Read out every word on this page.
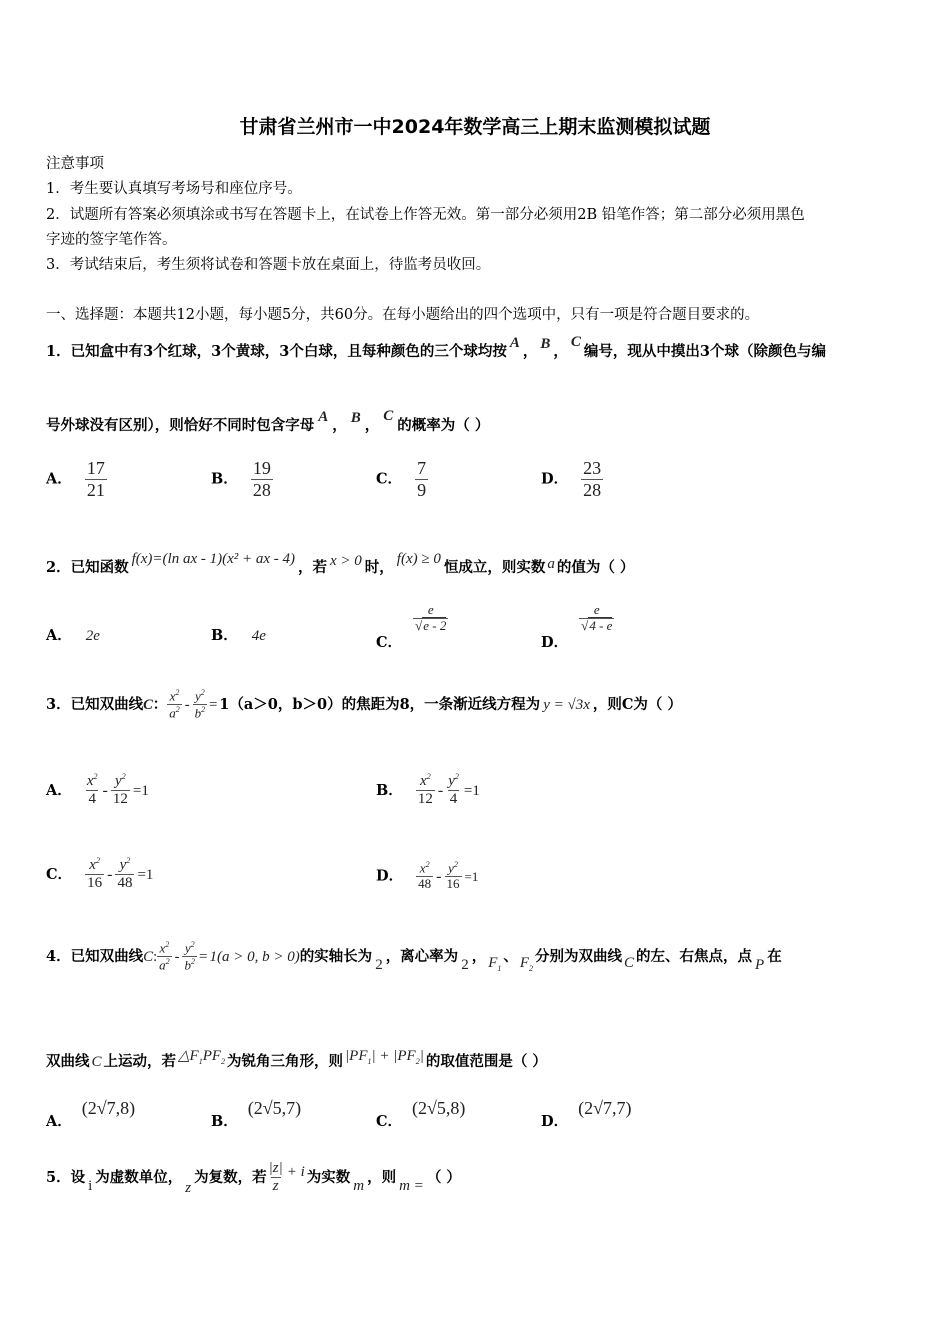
甘肃省兰州市一中2024年数学高三上期末监测模拟试题
注意事项
1．考生要认真填写考场号和座位序号。
2．试题所有答案必须填涂或书写在答题卡上，在试卷上作答无效。第一部分必须用2B 铅笔作答；第二部分必须用黑色
字迹的签字笔作答。
3．考试结束后，考生须将试卷和答题卡放在桌面上，待监考员收回。
一、选择题：本题共12小题，每小题5分，共60分。在每小题给出的四个选项中，只有一项是符合题目要求的。
1．已知盒中有3个红球，3个黄球，3个白球，且每种颜色的三个球均按 A ， B ，C编号，现从中摸出3个球（除颜色与编
号外球没有区别），则恰好不同时包含字母 A ， B ，C的概率为（ ）
A． $\frac{17}{21}$	B． $\frac{19}{28}$	C． $\frac{7}{9}$	D． $\frac{23}{28}$
2．已知函数 f(x)=(ln ax - 1)(x² + ax - 4) ，若 x > 0 时， f(x) ≥ 0 恒成立，则实数 a 的值为（ ）
A． 2e	B． 4e	C．
$\frac{e}{√e - 2}$
D．
$\frac{e}{√4 - e}$
3．已知双曲线C： $\frac{x^2}{a^2} - \frac{y^2}{b^2} = 1(a>0$，b＞0）的焦距为8，一条渐近线方程为 y = √3x ，则C为（ ）
A． $\frac{x^2}{4} - \frac{y^2}{12} =1$	B． $\frac{x^2}{12} - \frac{y^2}{4} =1$
C． $\frac{x^2}{16} - \frac{y^2}{48} =1$	D． $\frac{x^2}{48} - \frac{y^2}{16} =1$
4．已知双曲线C: $\frac{x^2}{a^2} - \frac{y^2}{b^2} = 1(a > 0$, b > 0)的实轴长为 2 ，离心率为 2 ， $F_1$、 $F_2$分别为双曲线 C 的左、右焦点，点 P 在
双曲线 C 上运动，若 $\triangle F_1PF_2$ 为锐角三角形，则 $|PF_1| + |PF_2|$ 的取值范围是（ ）
A．(2√7,8)
B．(2√5,7)
C．(2√5,8)
D．(2√7,7)
5．设 i 为虚数单位，z为复数，若 $\frac{|z|}{z} + i$ 为实数 m ，则 m = （ ）
